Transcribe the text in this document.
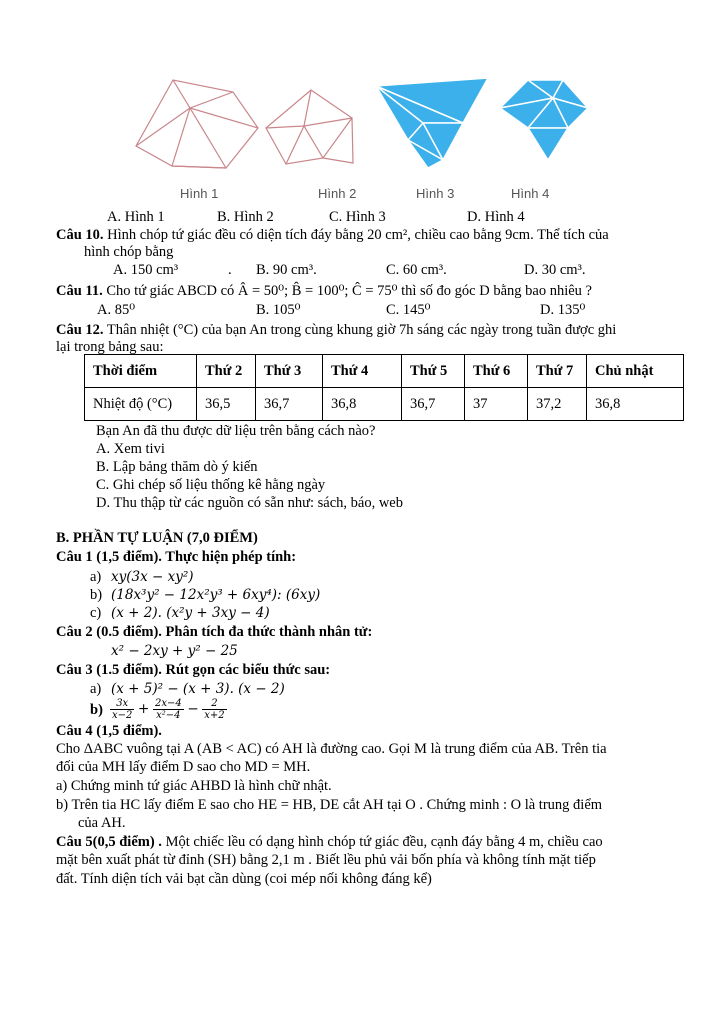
Hình 1	Hình 2	Hình 3	Hình 4
A. Hình 1	B. Hình 2	C. Hình 3	D. Hình 4
Câu 10. Hình chóp tứ giác đều có diện tích đáy bằng 20 cm², chiều cao bằng 9cm. Thể tích của
hình chóp bằng
A. 150 cm³	. B. 90 cm³.	C. 60 cm³.	D. 30 cm³.
Câu 11. Cho tứ giác ABCD có Â = 50⁰; B̂ = 100⁰; Ĉ = 75⁰ thì số đo góc D bằng bao nhiêu ?
A. 85⁰	B. 105⁰	C. 145⁰	D. 135⁰
Câu 12. Thân nhiệt (°C) của bạn An trong cùng khung giờ 7h sáng các ngày trong tuần được ghi
lại trong bảng sau:
Thời điểm	Thứ 2	Thứ 3	Thứ 4	Thứ 5	Thứ 6	Thứ 7	Chủ nhật
Nhiệt độ (°C)	36,5	36,7	36,8	36,7	37	37,2	36,8
Bạn An đã thu được dữ liệu trên bằng cách nào?
A. Xem tivi
B. Lập bảng thăm dò ý kiến
C. Ghi chép số liệu thống kê hằng ngày
D. Thu thập từ các nguồn có sẵn như: sách, báo, web
B. PHẦN TỰ LUẬN (7,0 ĐIỂM)
Câu 1 (1,5 điểm). Thực hiện phép tính:
a) xy(3x − xy²)
b) (18x³y² − 12x²y³ + 6xy⁴): (6xy)
c) (x + 2). (x²y + 3xy − 4)
Câu 2 (0.5 điểm). Phân tích đa thức thành nhân tử:
x² − 2xy + y² − 25
Câu 3 (1.5 điểm). Rút gọn các biểu thức sau:
a) (x + 5)² − (x + 3). (x − 2)
$b) \frac{3x}{x-2} + \frac{2x-4}{\text{x²−4}} - \frac{2}{x+2}$
Câu 4 (1,5 điểm).
Cho ΔABC vuông tại A (AB < AC) có AH là đường cao. Gọi M là trung điểm của AB. Trên tia
đối của MH lấy điểm D sao cho MD = MH.
a) Chứng minh tứ giác AHBD là hình chữ nhật.
b) Trên tia HC lấy điểm E sao cho HE = HB, DE cắt AH tại O . Chứng minh : O là trung điểm
của AH.
Câu 5(0,5 điểm) . Một chiếc lều có dạng hình chóp tứ giác đều, cạnh đáy bằng 4 m, chiều cao
mặt bên xuất phát từ đỉnh (SH) bằng 2,1 m . Biết lều phủ vải bốn phía và không tính mặt tiếp
đất. Tính diện tích vải bạt cần dùng (coi mép nối không đáng kể)
